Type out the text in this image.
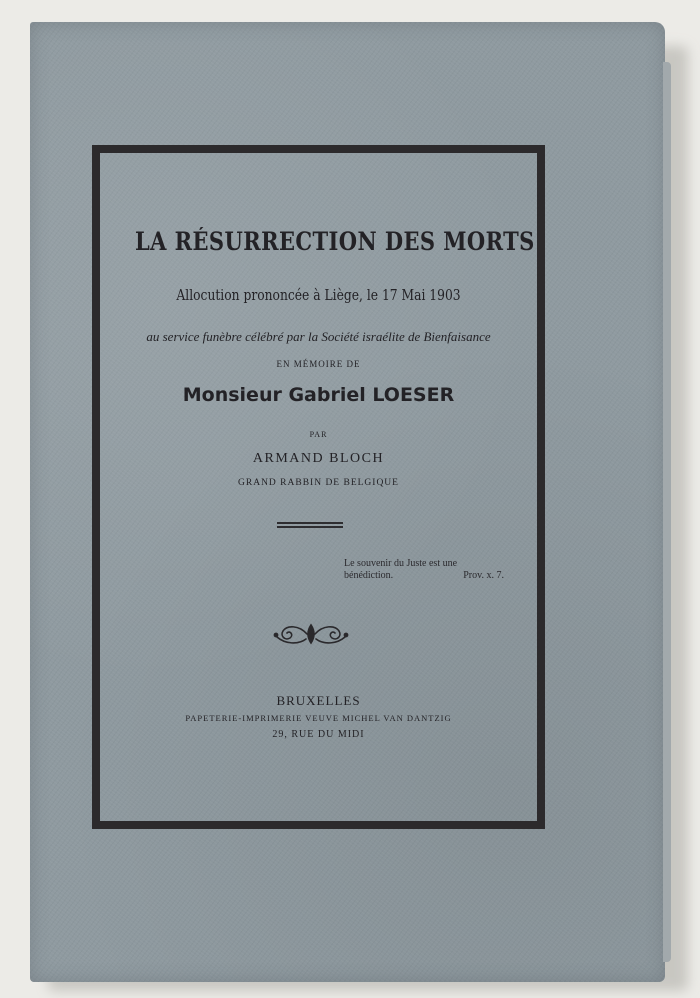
LA RÉSURRECTION DES MORTS
Allocution prononcée à Liège, le 17 Mai 1903
au service funèbre célébré par la Société israélite de Bienfaisance
EN MÉMOIRE DE
Monsieur Gabriel LOESER
PAR
ARMAND BLOCH
GRAND RABBIN DE BELGIQUE
Le souvenir du Juste est une
bénédiction.	Prov. x. 7.
BRUXELLES
PAPETERIE-IMPRIMERIE VEUVE MICHEL VAN DANTZIG
29, RUE DU MIDI
